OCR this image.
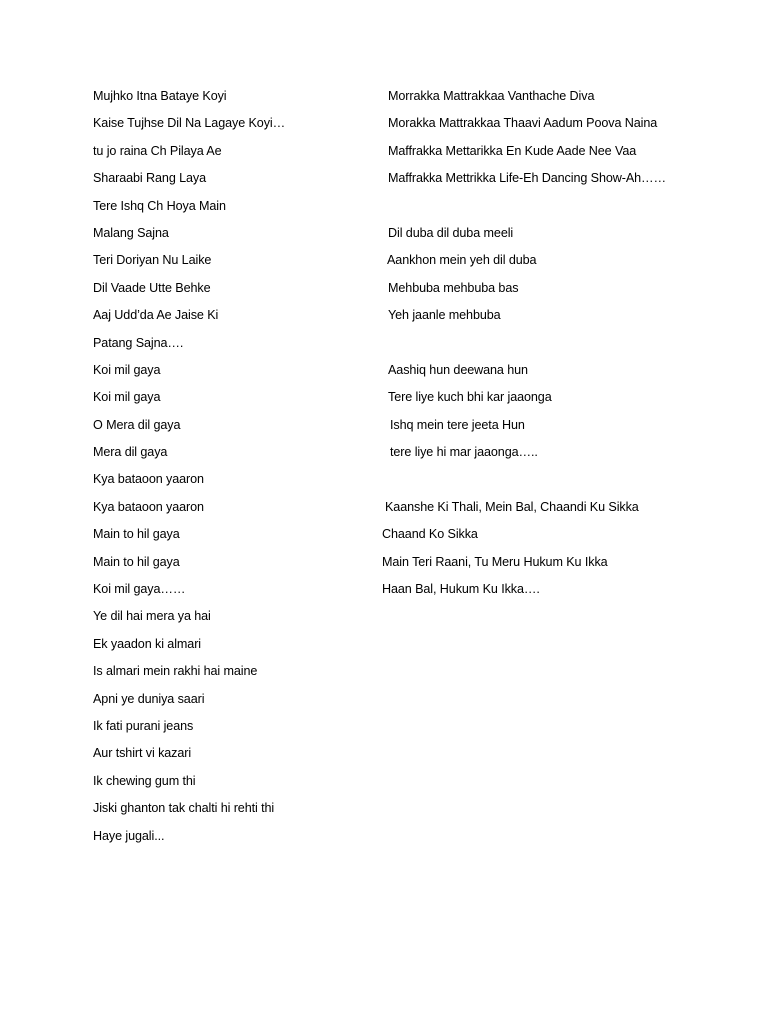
Mujhko Itna Bataye Koyi
Kaise Tujhse Dil Na Lagaye Koyi…
tu jo raina Ch Pilaya Ae
Sharaabi Rang Laya
Tere Ishq Ch Hoya Main
Malang Sajna
Teri Doriyan Nu Laike
Dil Vaade Utte Behke
Aaj Udd’da Ae Jaise Ki
Patang Sajna….
Koi mil gaya
Koi mil gaya
O Mera dil gaya
Mera dil gaya
Kya bataoon yaaron
Kya bataoon yaaron
Main to hil gaya
Main to hil gaya
Koi mil gaya……
Ye dil hai mera ya hai
Ek yaadon ki almari
Is almari mein rakhi hai maine
Apni ye duniya saari
Ik fati purani jeans
Aur tshirt vi kazari
Ik chewing gum thi
Jiski ghanton tak chalti hi rehti thi
Haye jugali...
Morrakka Mattrakkaa Vanthache Diva
Morakka Mattrakkaa Thaavi Aadum Poova Naina
Maffrakka Mettarikka En Kude Aade Nee Vaa
Maffrakka Mettrikka Life-Eh Dancing Show-Ah……
Dil duba dil duba meeli
Aankhon mein yeh dil duba
Mehbuba mehbuba bas
Yeh jaanle mehbuba
Aashiq hun deewana hun
Tere liye kuch bhi kar jaaonga
Ishq mein tere jeeta Hun
tere liye hi mar jaaonga…..
Kaanshe Ki Thali, Mein Bal, Chaandi Ku Sikka
Chaand Ko Sikka
Main Teri Raani, Tu Meru Hukum Ku Ikka
Haan Bal, Hukum Ku Ikka….
